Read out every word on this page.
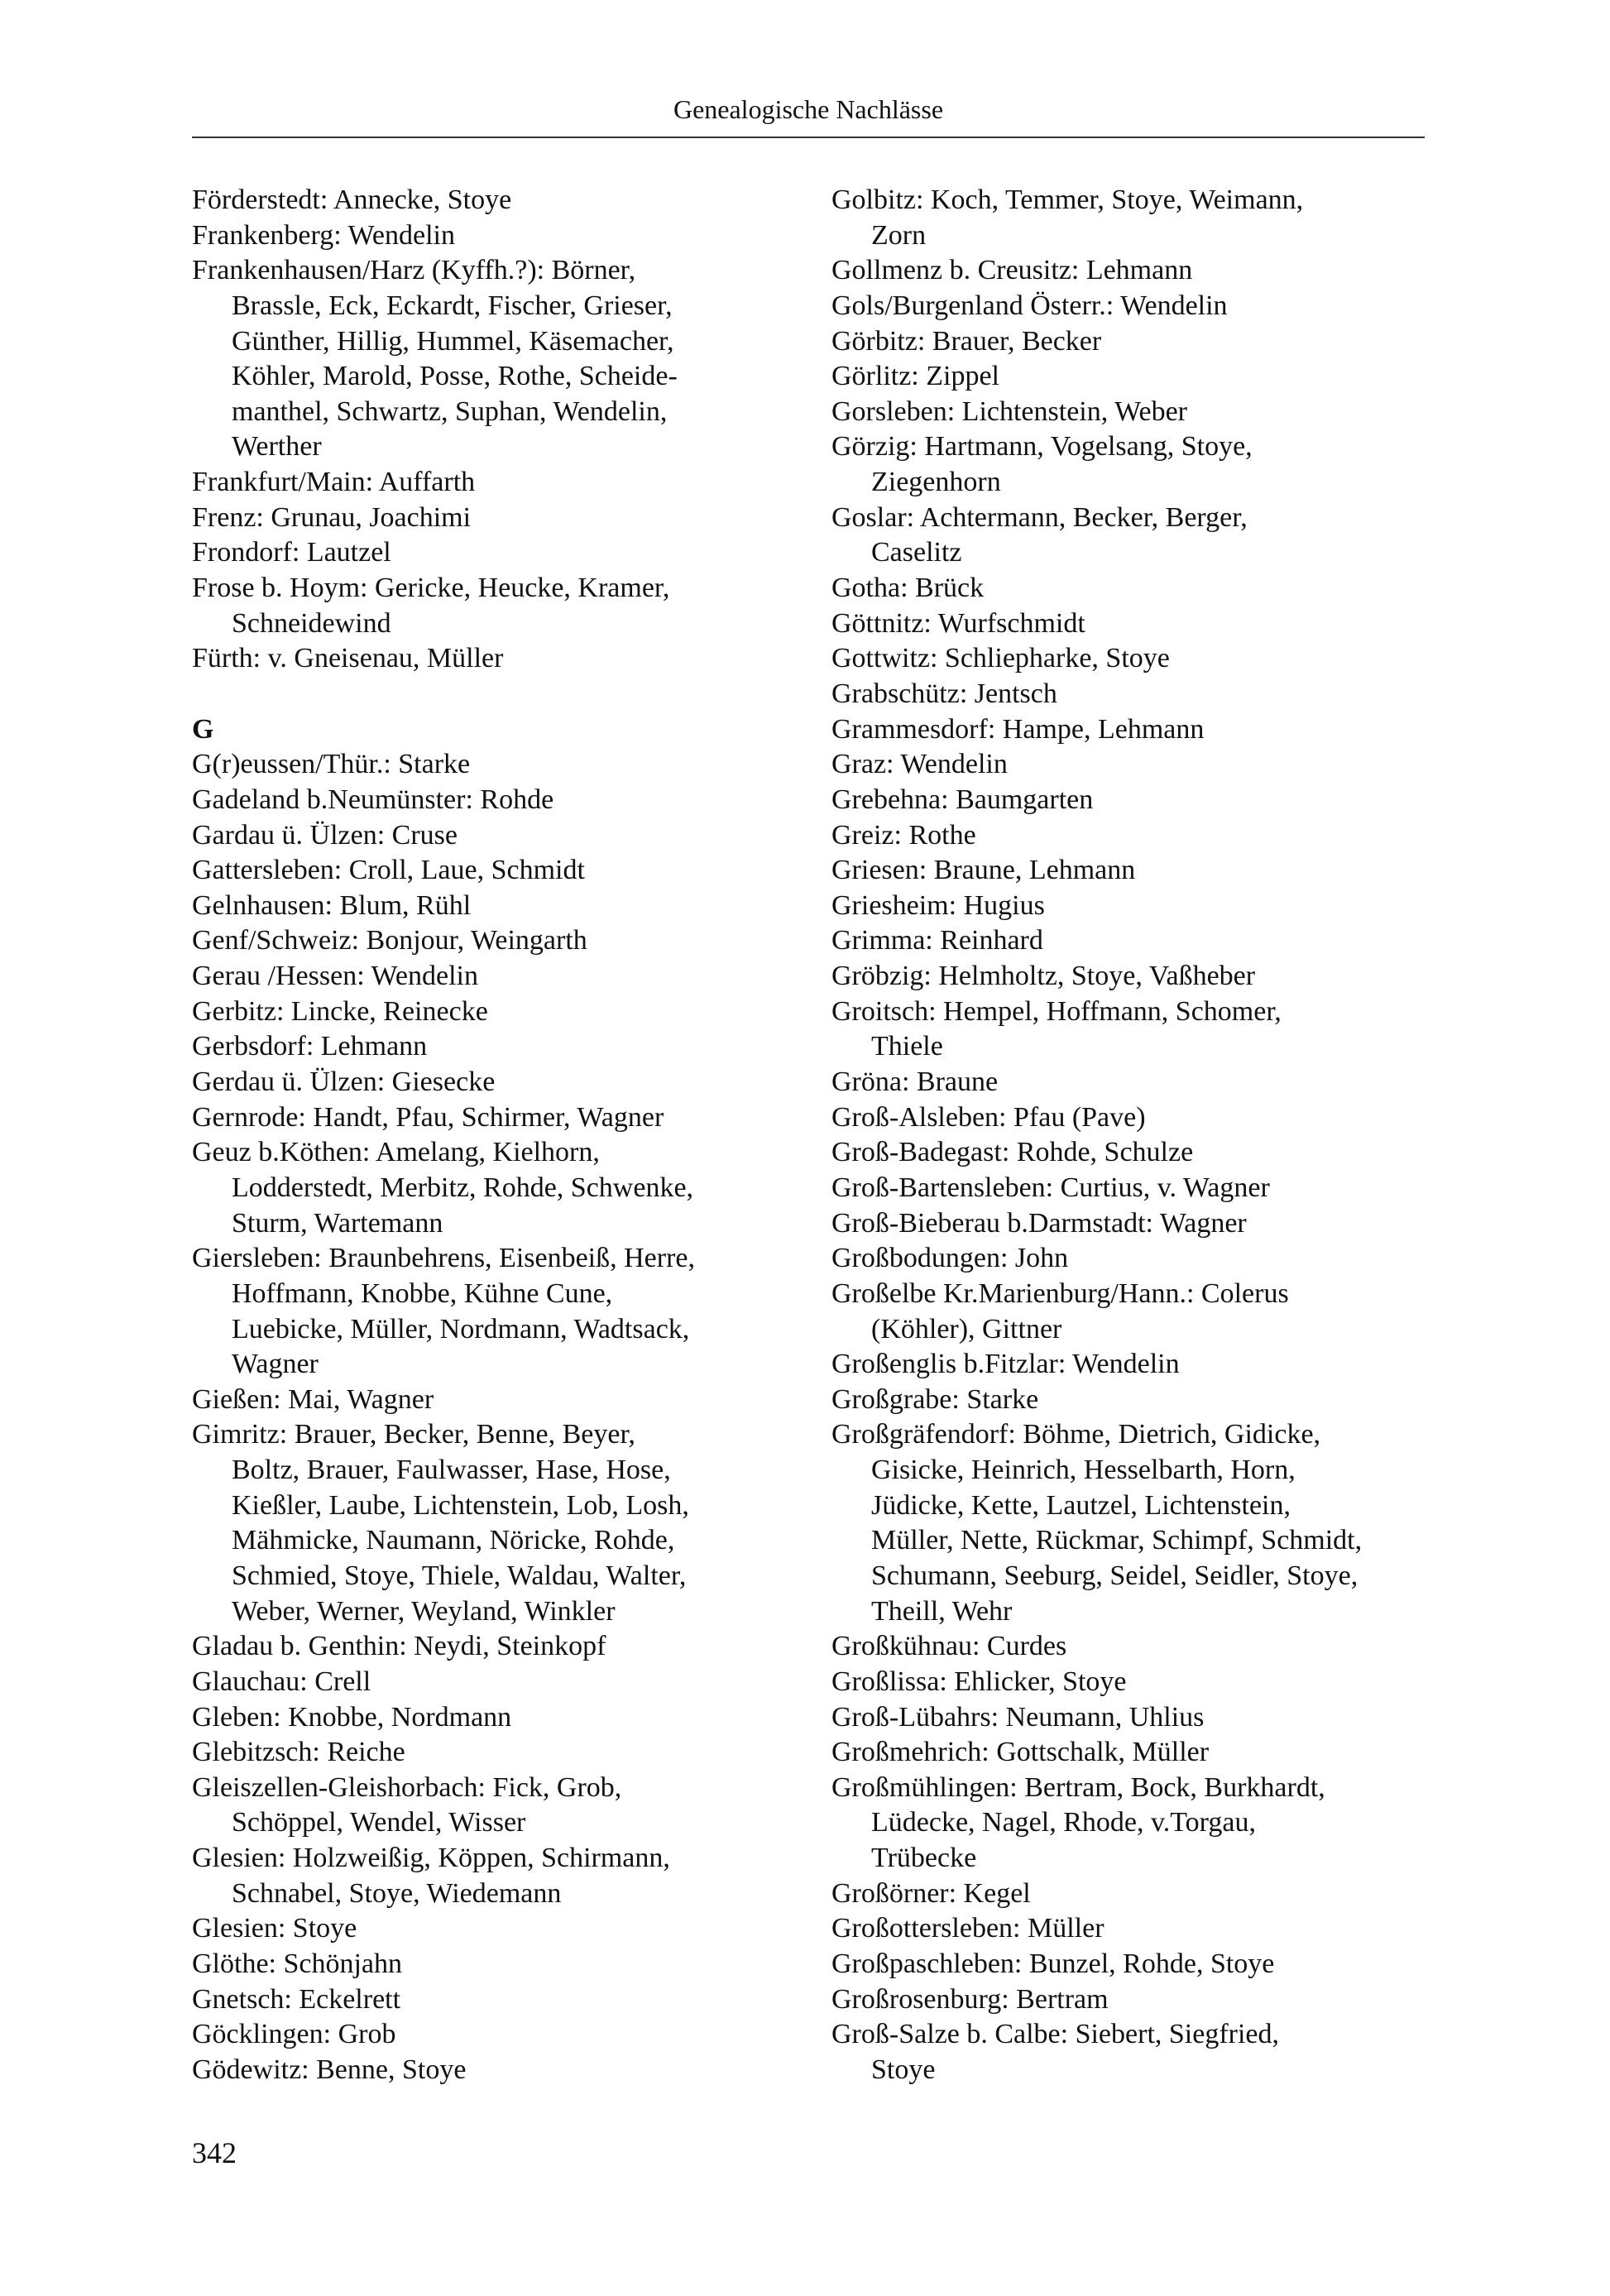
Genealogische Nachlässe
Förderstedt: Annecke, Stoye
Frankenberg: Wendelin
Frankenhausen/Harz (Kyffh.?): Börner,
Brassle, Eck, Eckardt, Fischer, Grieser,
Günther, Hillig, Hummel, Käsemacher,
Köhler, Marold, Posse, Rothe, Scheide-
manthel, Schwartz, Suphan, Wendelin,
Werther
Frankfurt/Main: Auffarth
Frenz: Grunau, Joachimi
Frondorf: Lautzel
Frose b. Hoym: Gericke, Heucke, Kramer,
Schneidewind
Fürth: v. Gneisenau, Müller
G
G(r)eussen/Thür.: Starke
Gadeland b.Neumünster: Rohde
Gardau ü. Ülzen: Cruse
Gattersleben: Croll, Laue, Schmidt
Gelnhausen: Blum, Rühl
Genf/Schweiz: Bonjour, Weingarth
Gerau /Hessen: Wendelin
Gerbitz: Lincke, Reinecke
Gerbsdorf: Lehmann
Gerdau ü. Ülzen: Giesecke
Gernrode: Handt, Pfau, Schirmer, Wagner
Geuz b.Köthen: Amelang, Kielhorn,
Lodderstedt, Merbitz, Rohde, Schwenke,
Sturm, Wartemann
Giersleben: Braunbehrens, Eisenbeiß, Herre,
Hoffmann, Knobbe, Kühne Cune,
Luebicke, Müller, Nordmann, Wadtsack,
Wagner
Gießen: Mai, Wagner
Gimritz: Brauer, Becker, Benne, Beyer,
Boltz, Brauer, Faulwasser, Hase, Hose,
Kießler, Laube, Lichtenstein, Lob, Losh,
Mähmicke, Naumann, Nöricke, Rohde,
Schmied, Stoye, Thiele, Waldau, Walter,
Weber, Werner, Weyland, Winkler
Gladau b. Genthin: Neydi, Steinkopf
Glauchau: Crell
Gleben: Knobbe, Nordmann
Glebitzsch: Reiche
Gleiszellen-Gleishorbach: Fick, Grob,
Schöppel, Wendel, Wisser
Glesien: Holzweißig, Köppen, Schirmann,
Schnabel, Stoye, Wiedemann
Glesien: Stoye
Glöthe: Schönjahn
Gnetsch: Eckelrett
Göcklingen: Grob
Gödewitz: Benne, Stoye
Golbitz: Koch, Temmer, Stoye, Weimann,
Zorn
Gollmenz b. Creusitz: Lehmann
Gols/Burgenland Österr.: Wendelin
Görbitz: Brauer, Becker
Görlitz: Zippel
Gorsleben: Lichtenstein, Weber
Görzig: Hartmann, Vogelsang, Stoye,
Ziegenhorn
Goslar: Achtermann, Becker, Berger,
Caselitz
Gotha: Brück
Göttnitz: Wurfschmidt
Gottwitz: Schliepharke, Stoye
Grabschütz: Jentsch
Grammesdorf: Hampe, Lehmann
Graz: Wendelin
Grebehna: Baumgarten
Greiz: Rothe
Griesen: Braune, Lehmann
Griesheim: Hugius
Grimma: Reinhard
Gröbzig: Helmholtz, Stoye, Vaßheber
Groitsch: Hempel, Hoffmann, Schomer,
Thiele
Gröna: Braune
Groß-Alsleben: Pfau (Pave)
Groß-Badegast: Rohde, Schulze
Groß-Bartensleben: Curtius, v. Wagner
Groß-Bieberau b.Darmstadt: Wagner
Großbodungen: John
Großelbe Kr.Marienburg/Hann.: Colerus
(Köhler), Gittner
Großenglis b.Fitzlar: Wendelin
Großgrabe: Starke
Großgräfendorf: Böhme, Dietrich, Gidicke,
Gisicke, Heinrich, Hesselbarth, Horn,
Jüdicke, Kette, Lautzel, Lichtenstein,
Müller, Nette, Rückmar, Schimpf, Schmidt,
Schumann, Seeburg, Seidel, Seidler, Stoye,
Theill, Wehr
Großkühnau: Curdes
Großlissa: Ehlicker, Stoye
Groß-Lübahrs: Neumann, Uhlius
Großmehrich: Gottschalk, Müller
Großmühlingen: Bertram, Bock, Burkhardt,
Lüdecke, Nagel, Rhode, v.Torgau,
Trübecke
Großörner: Kegel
Großottersleben: Müller
Großpaschleben: Bunzel, Rohde, Stoye
Großrosenburg: Bertram
Groß-Salze b. Calbe: Siebert, Siegfried,
Stoye
342
